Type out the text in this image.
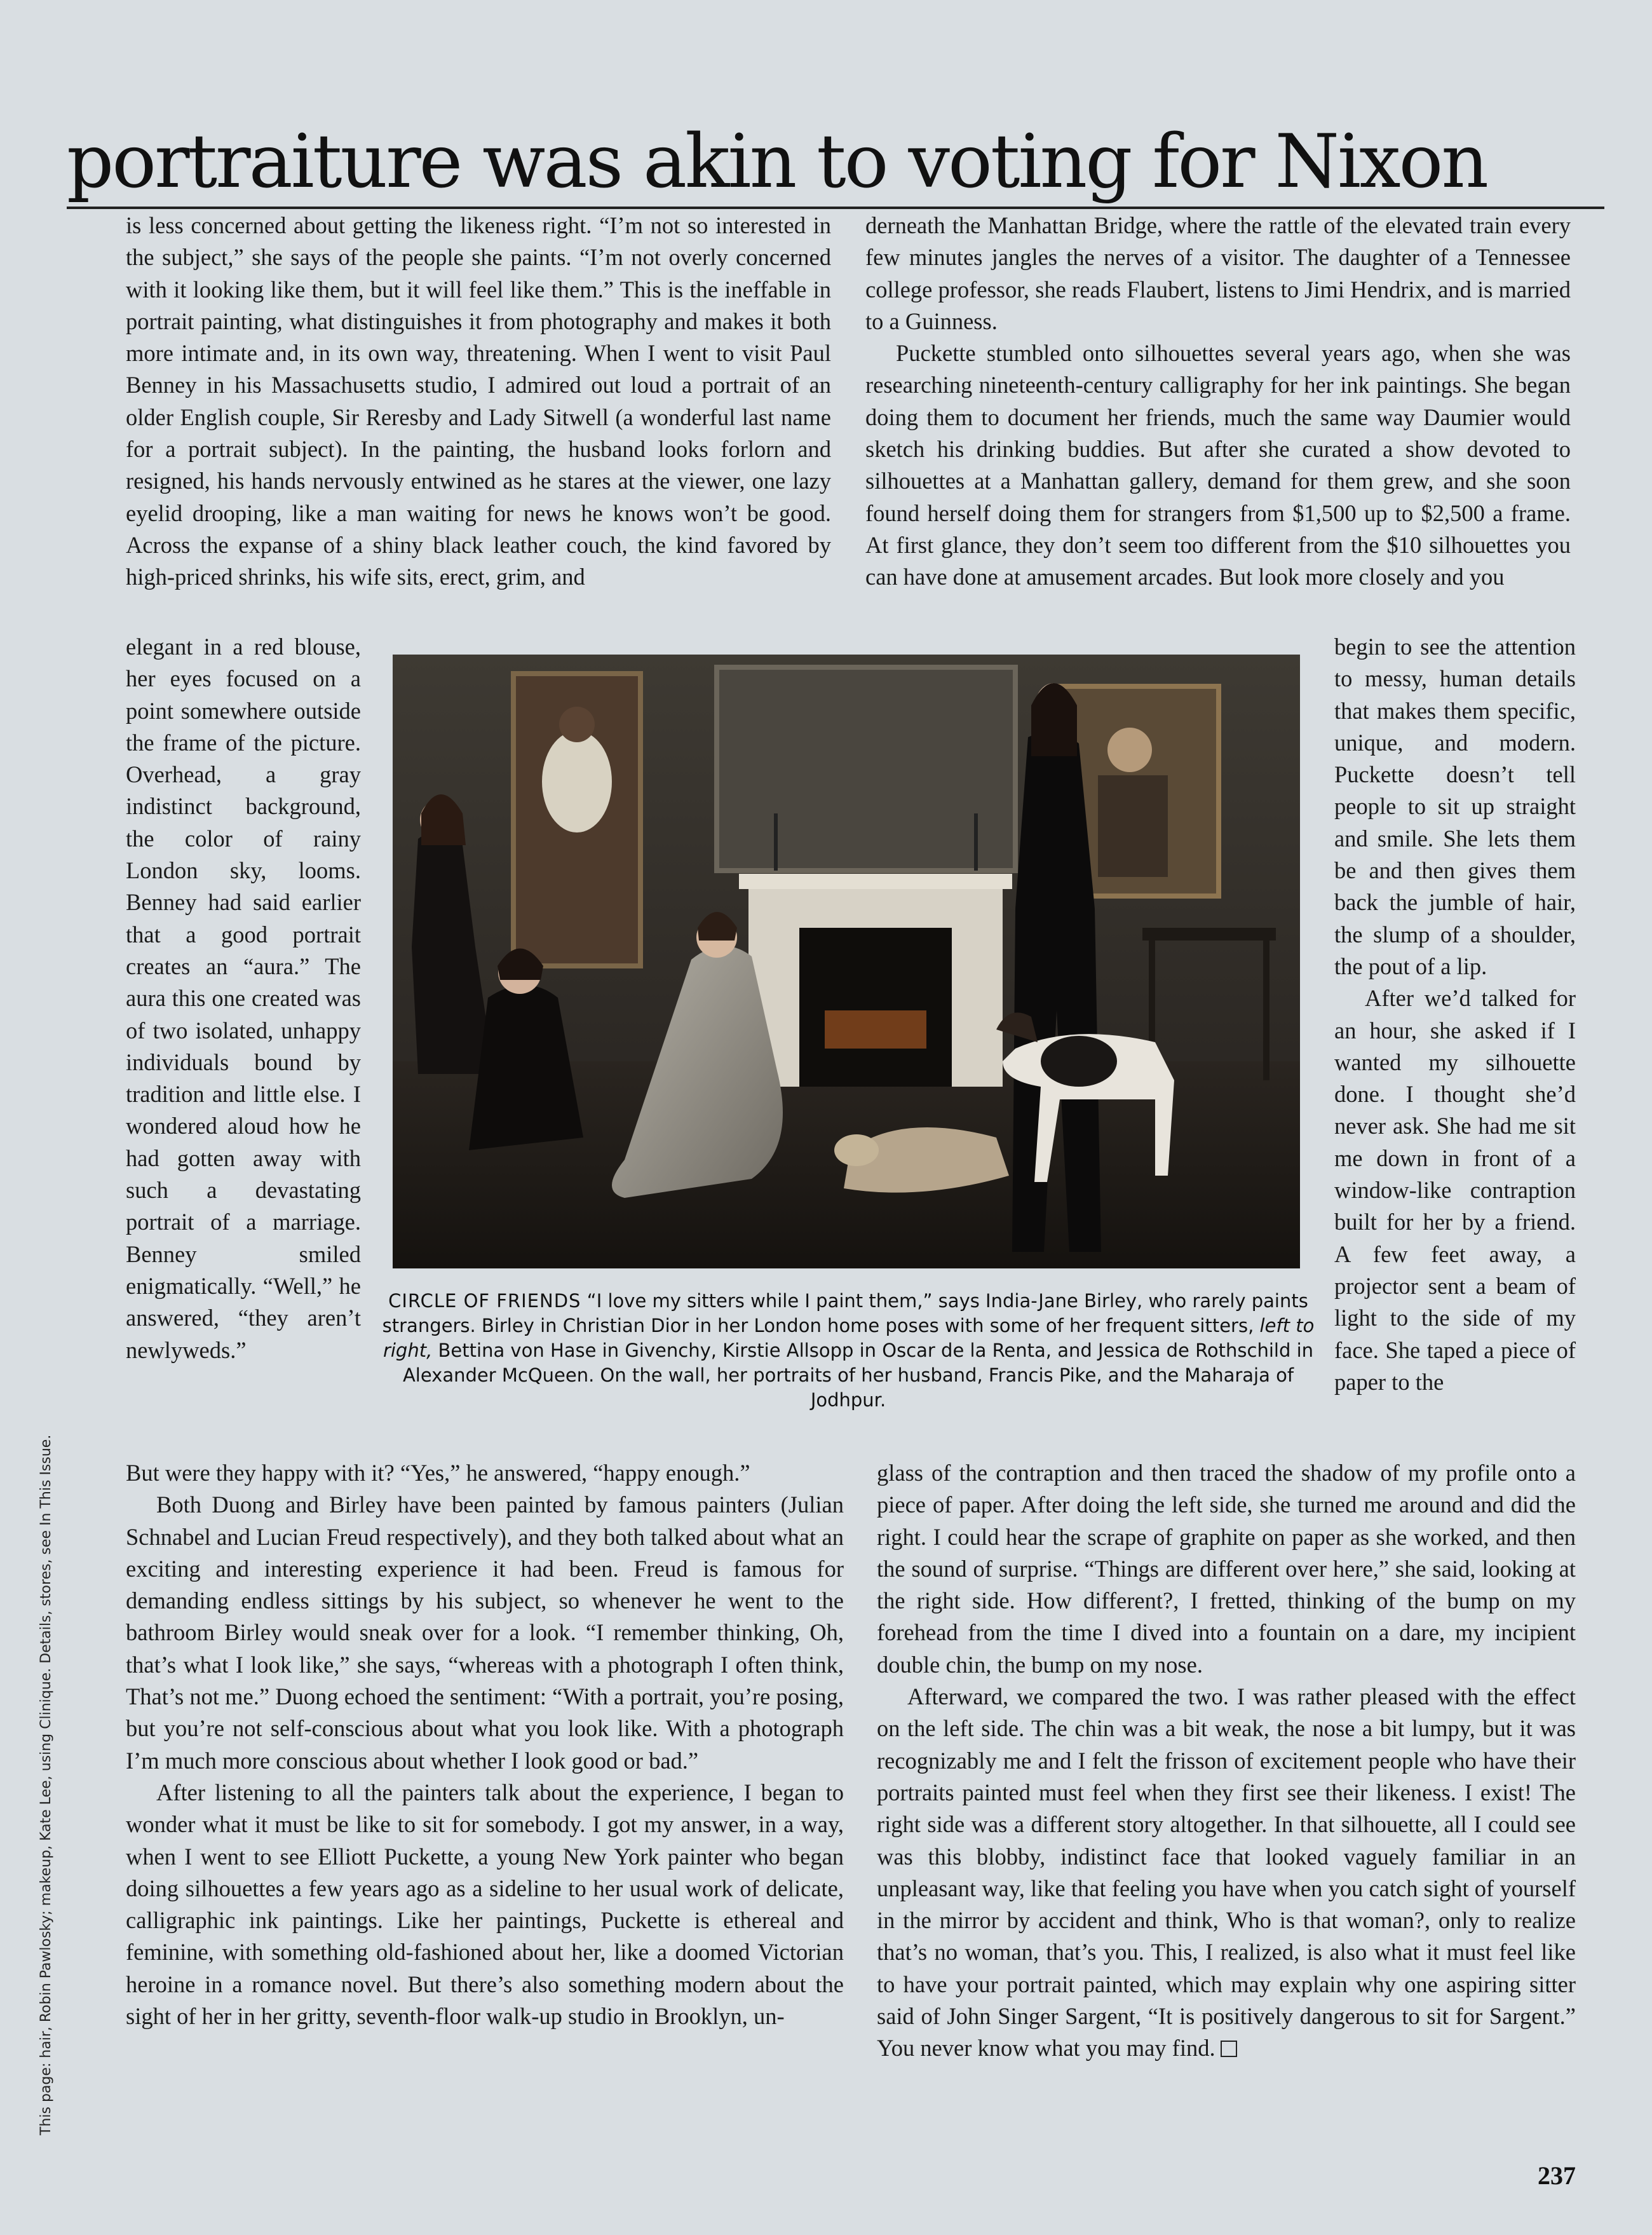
portraiture was akin to voting for Nixon

is less concerned about getting the likeness right. “I’m not so interested in the subject,” she says of the people she paints. “I’m not overly concerned with it looking like them, but it will feel like them.” This is the ineffable in portrait painting, what distinguishes it from photography and makes it both more intimate and, in its own way, threatening. When I went to visit Paul Benney in his Massachusetts studio, I admired out loud a portrait of an older English couple, Sir Reresby and Lady Sitwell (a wonderful last name for a portrait subject). In the painting, the husband looks forlorn and resigned, his hands nervously entwined as he stares at the viewer, one lazy eyelid drooping, like a man waiting for news he knows won’t be good. Across the expanse of a shiny black leather couch, the kind favored by high-priced shrinks, his wife sits, erect, grim, and

elegant in a red blouse, her eyes focused on a point somewhere outside the frame of the picture. Overhead, a gray indistinct background, the color of rainy London sky, looms. Benney had said earlier that a good portrait creates an “aura.” The aura this one created was of two isolated, unhappy individuals bound by tradition and little else. I wondered aloud how he had gotten away with such a devastating portrait of a marriage. Benney smiled enigmatically. “Well,” he answered, “they aren’t newlyweds.”

But were they happy with it? “Yes,” he answered, “happy enough.”

Both Duong and Birley have been painted by famous painters (Julian Schnabel and Lucian Freud respectively), and they both talked about what an exciting and interesting experience it had been. Freud is famous for demanding endless sittings by his subject, so whenever he went to the bathroom Birley would sneak over for a look. “I remember thinking, Oh, that’s what I look like,” she says, “whereas with a photograph I often think, That’s not me.” Duong echoed the sentiment: “With a portrait, you’re posing, but you’re not self-conscious about what you look like. With a photograph I’m much more conscious about whether I look good or bad.”

After listening to all the painters talk about the experience, I began to wonder what it must be like to sit for somebody. I got my answer, in a way, when I went to see Elliott Puckette, a young New York painter who began doing silhouettes a few years ago as a sideline to her usual work of delicate, calligraphic ink paintings. Like her paintings, Puckette is ethereal and feminine, with something old-fashioned about her, like a doomed Victorian heroine in a romance novel. But there’s also something modern about the sight of her in her gritty, seventh-floor walk-up studio in Brooklyn, un-

derneath the Manhattan Bridge, where the rattle of the elevated train every few minutes jangles the nerves of a visitor. The daughter of a Tennessee college professor, she reads Flaubert, listens to Jimi Hendrix, and is married to a Guinness.

Puckette stumbled onto silhouettes several years ago, when she was researching nineteenth-century calligraphy for her ink paintings. She began doing them to document her friends, much the same way Daumier would sketch his drinking buddies. But after she curated a show devoted to silhouettes at a Manhattan gallery, demand for them grew, and she soon found herself doing them for strangers from $1,500 up to $2,500 a frame. At first glance, they don’t seem too different from the $10 silhouettes you can have done at amusement arcades. But look more closely and you

begin to see the attention to messy, human details that makes them specific, unique, and modern. Puckette doesn’t tell people to sit up straight and smile. She lets them be and then gives them back the jumble of hair, the slump of a shoulder, the pout of a lip.

After we’d talked for an hour, she asked if I wanted my silhouette done. I thought she’d never ask. She had me sit me down in front of a window-like contraption built for her by a friend. A few feet away, a projector sent a beam of light to the side of my face. She taped a piece of paper to the

glass of the contraption and then traced the shadow of my profile onto a piece of paper. After doing the left side, she turned me around and did the right. I could hear the scrape of graphite on paper as she worked, and then the sound of surprise. “Things are different over here,” she said, looking at the right side. How different?, I fretted, thinking of the bump on my forehead from the time I dived into a fountain on a dare, my incipient double chin, the bump on my nose.

Afterward, we compared the two. I was rather pleased with the effect on the left side. The chin was a bit weak, the nose a bit lumpy, but it was recognizably me and I felt the frisson of excitement people who have their portraits painted must feel when they first see their likeness. I exist! The right side was a different story altogether. In that silhouette, all I could see was this blobby, indistinct face that looked vaguely familiar in an unpleasant way, like that feeling you have when you catch sight of yourself in the mirror by accident and think, Who is that woman?, only to realize that’s no woman, that’s you. This, I realized, is also what it must feel like to have your portrait painted, which may explain why one aspiring sitter said of John Singer Sargent, “It is positively dangerous to sit for Sargent.” You never know what you may find.

CIRCLE OF FRIENDS “I love my sitters while I paint them,” says India-Jane Birley, who rarely paints strangers. Birley in Christian Dior in her London home poses with some of her frequent sitters, left to right, Bettina von Hase in Givenchy, Kirstie Allsopp in Oscar de la Renta, and Jessica de Rothschild in Alexander McQueen. On the wall, her portraits of her husband, Francis Pike, and the Maharaja of Jodhpur.
This page: hair, Robin Pawlosky; makeup, Kate Lee, using Clinique. Details, stores, see In This Issue.
237
